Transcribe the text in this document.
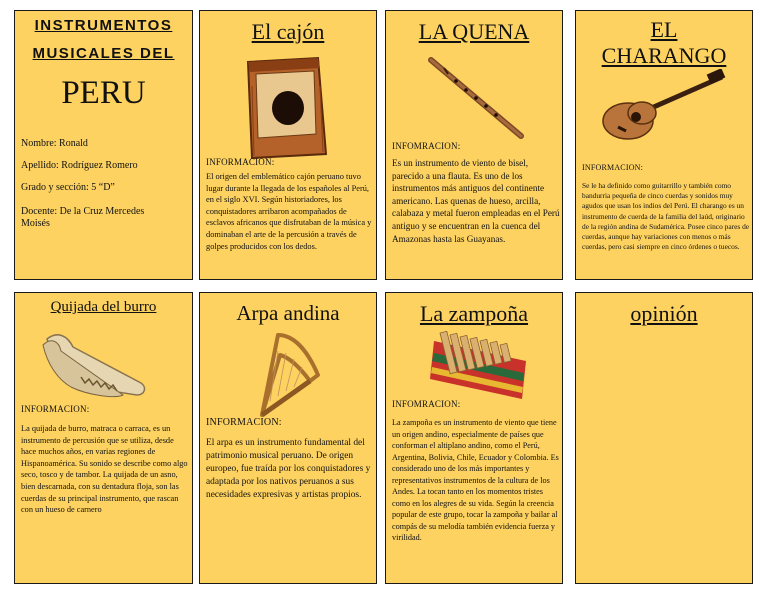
INSTRUMENTOS
MUSICALES DEL
PERU
Nombre: Ronald
Apellido: Rodríguez Romero
Grado y sección: 5 “D”
Docente: De la Cruz Mercedes
Moisés
El cajón
INFORMACION:
El origen del emblemático cajón peruano tuvo lugar durante la llegada de los españoles al Perú, en el siglo XVI. Según historiadores, los conquistadores arribaron acompañados de esclavos africanos que disfrutaban de la música y dominaban el arte de la percusión a través de golpes producidos con los dedos.
LA QUENA
INFOMRACION:
Es un instrumento de viento de bisel, parecido a una flauta. Es uno de los instrumentos más antiguos del continente americano. Las quenas de hueso, arcilla, calabaza y metal fueron empleadas en el Perú antiguo y se encuentran en la cuenca del Amazonas hasta las Guayanas.
EL
CHARANGO
INFORMACION:
Se le ha definido como guitarrillo y también como bandurria pequeña de cinco cuerdas y sonidos muy agudos que usan los indios del Perú. El charango es un instrumento de cuerda de la familia del laúd, originario de la región andina de Sudamérica. Posee cinco pares de cuerdas, aunque hay variaciones con menos o más cuerdas, pero casi siempre en cinco órdenes o tuecos.
Quijada del burro
INFORMACION:
La quijada de burro, matraca o carraca, es un instrumento de percusión que se utiliza, desde hace muchos años, en varias regiones de Hispanoamérica. Su sonido se describe como algo seco, tosco y de tambor. La quijada de un asno, bien descarnada, con su dentadura floja, son las cuerdas de su principal instrumento, que rascan con un hueso de carnero
Arpa andina
INFORMACION:
El arpa es un instrumento fundamental del patrimonio musical peruano. De origen europeo, fue traída por los conquistadores y adaptada por los nativos peruanos a sus necesidades expresivas y artistas propios.
La zampoña
INFOMRACION:
La zampoña es un instrumento de viento que tiene un origen andino, especialmente de países que conforman el altiplano andino, como el Perú, Argentina, Bolivia, Chile, Ecuador y Colombia. Es considerado uno de los más importantes y representativos instrumentos de la cultura de los Andes. La tocan tanto en los momentos tristes como en los alegres de su vida. Según la creencia popular de este grupo, tocar la zampoña y bailar al compás de su melodía también evidencia fuerza y virilidad.
opinión
